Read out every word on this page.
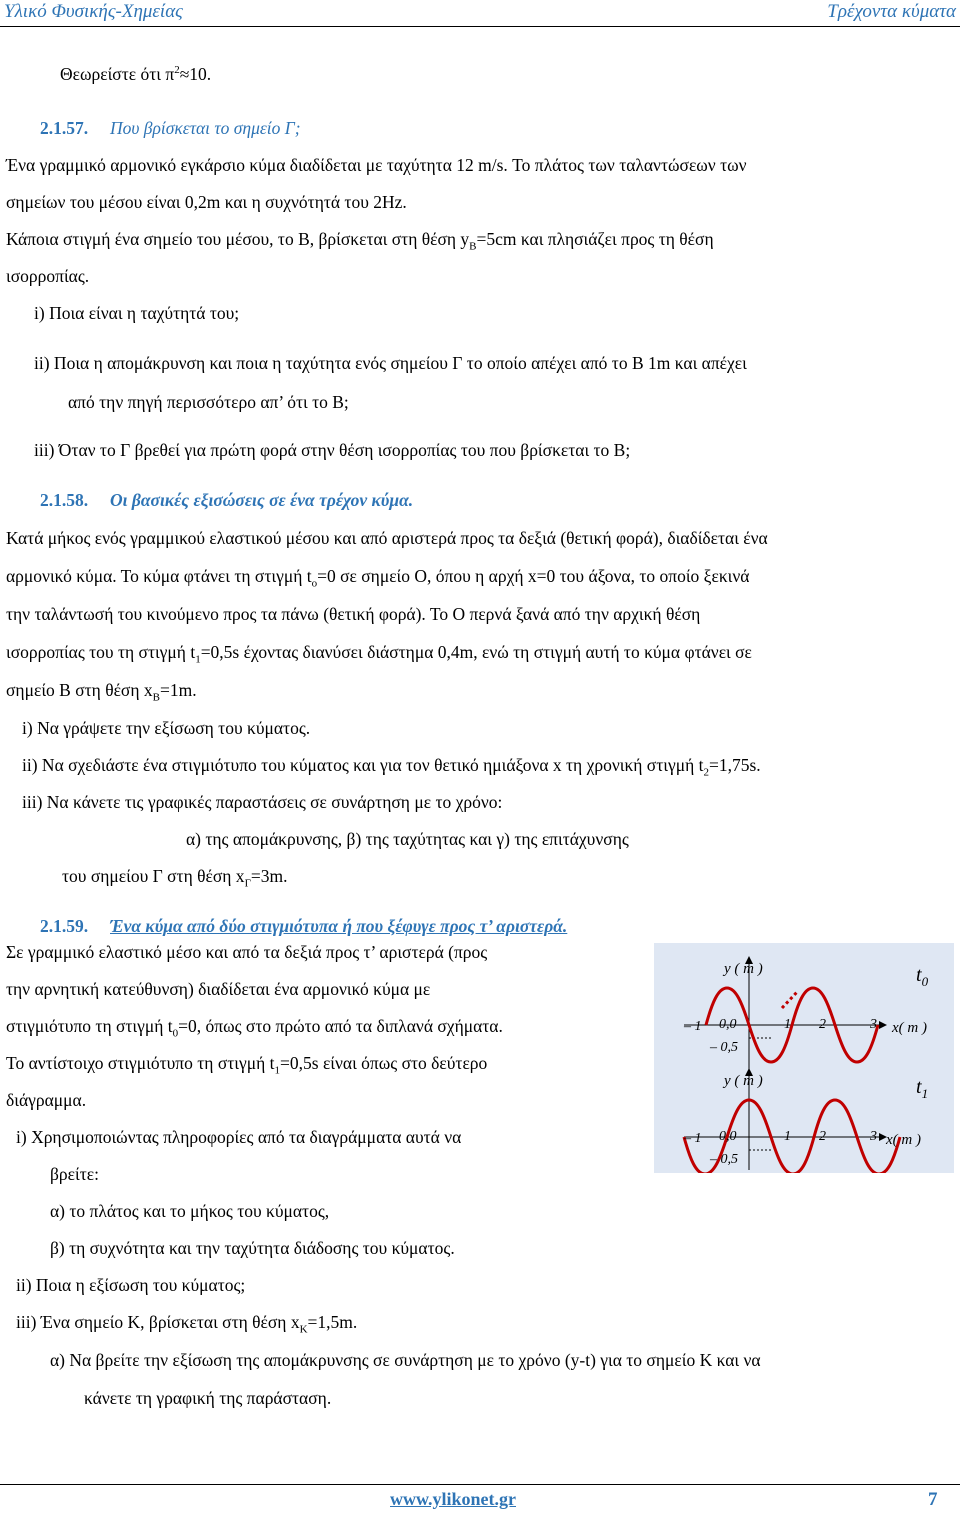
Υλικό Φυσικής-Χημείας	Τρέχοντα κύματα
Θεωρείστε ότι $\pi^2\approx 10$.
2.1.57. Που βρίσκεται το σημείο Γ;
Ένα γραμμικό αρμονικό εγκάρσιο κύμα διαδίδεται με ταχύτητα 12 m/s. Το πλάτος των ταλαντώσεων των
σημείων του μέσου είναι 0,2m και η συχνότητά του 2Hz.
Κάποια στιγμή ένα σημείο του μέσου, το Β, βρίσκεται στη θέση $y_B=5cm$ και πλησιάζει προς τη θέση
ισορροπίας.
i) Ποια είναι η ταχύτητά του;
ii) Ποια η απομάκρυνση και ποια η ταχύτητα ενός σημείου Γ το οποίο απέχει από το Β 1m και απέχει
από την πηγή περισσότερο απ’ ότι το Β;
iii) Όταν το Γ βρεθεί για πρώτη φορά στην θέση ισορροπίας του που βρίσκεται το Β;
2.1.58. Οι βασικές εξισώσεις σε ένα τρέχον κύμα.
Κατά μήκος ενός γραμμικού ελαστικού μέσου και από αριστερά προς τα δεξιά (θετική φορά), διαδίδεται ένα
αρμονικό κύμα. Το κύμα φτάνει τη στιγμή $t_o=0$ σε σημείο Ο, όπου η αρχή x=0 του άξονα, το οποίο ξεκινά
την ταλάντωσή του κινούμενο προς τα πάνω (θετική φορά). Το Ο περνά ξανά από την αρχική θέση
ισορροπίας του τη στιγμή $t_1=0,5s$ έχοντας διανύσει διάστημα 0,4m, ενώ τη στιγμή αυτή το κύμα φτάνει σε
σημείο Β στη θέση $x_B=1m$.
i) Να γράψετε την εξίσωση του κύματος.
ii) Να σχεδιάστε ένα στιγμιότυπο του κύματος και για τον θετικό ημιάξονα x τη χρονική στιγμή $t_2=1,75s$.
iii) Να κάνετε τις γραφικές παραστάσεις σε συνάρτηση με το χρόνο:
α) της απομάκρυνσης, β) της ταχύτητας και γ) της επιτάχυνσης
του σημείου Γ στη θέση $x_\Gamma=3m$.
2.1.59. Ένα κύμα από δύο στιγμιότυπα ή που ξέφυγε προς τ’ αριστερά.
Σε γραμμικό ελαστικό μέσο και από τα δεξιά προς τ’ αριστερά (προς
την αρνητική κατεύθυνση) διαδίδεται ένα αρμονικό κύμα με
στιγμιότυπο τη στιγμή $t_0=0$, όπως στο πρώτο από τα διπλανά σχήματα.
Το αντίστοιχο στιγμιότυπο τη στιγμή $t_1=0,5s$ είναι όπως στο δεύτερο
διάγραμμα.
i) Χρησιμοποιώντας πληροφορίες από τα διαγράμματα αυτά να
βρείτε:
α) το πλάτος και το μήκος του κύματος,
β) τη συχνότητα και την ταχύτητα διάδοσης του κύματος.
ii) Ποια η εξίσωση του κύματος;
iii) Ένα σημείο Κ, βρίσκεται στη θέση $x_K=1,5m$.
α) Να βρείτε την εξίσωση της απομάκρυνσης σε συνάρτηση με το χρόνο (y-t) για το σημείο Κ και να
κάνετε τη γραφική της παράσταση.
y ( m )	$t_0$
– 1 0,0	1 2	3 x( m )
– 0,5
y ( m )	$t_1$
– 1 0,0	1 2	3 x( m )
– 0,5
www.ylikonet.gr	7
